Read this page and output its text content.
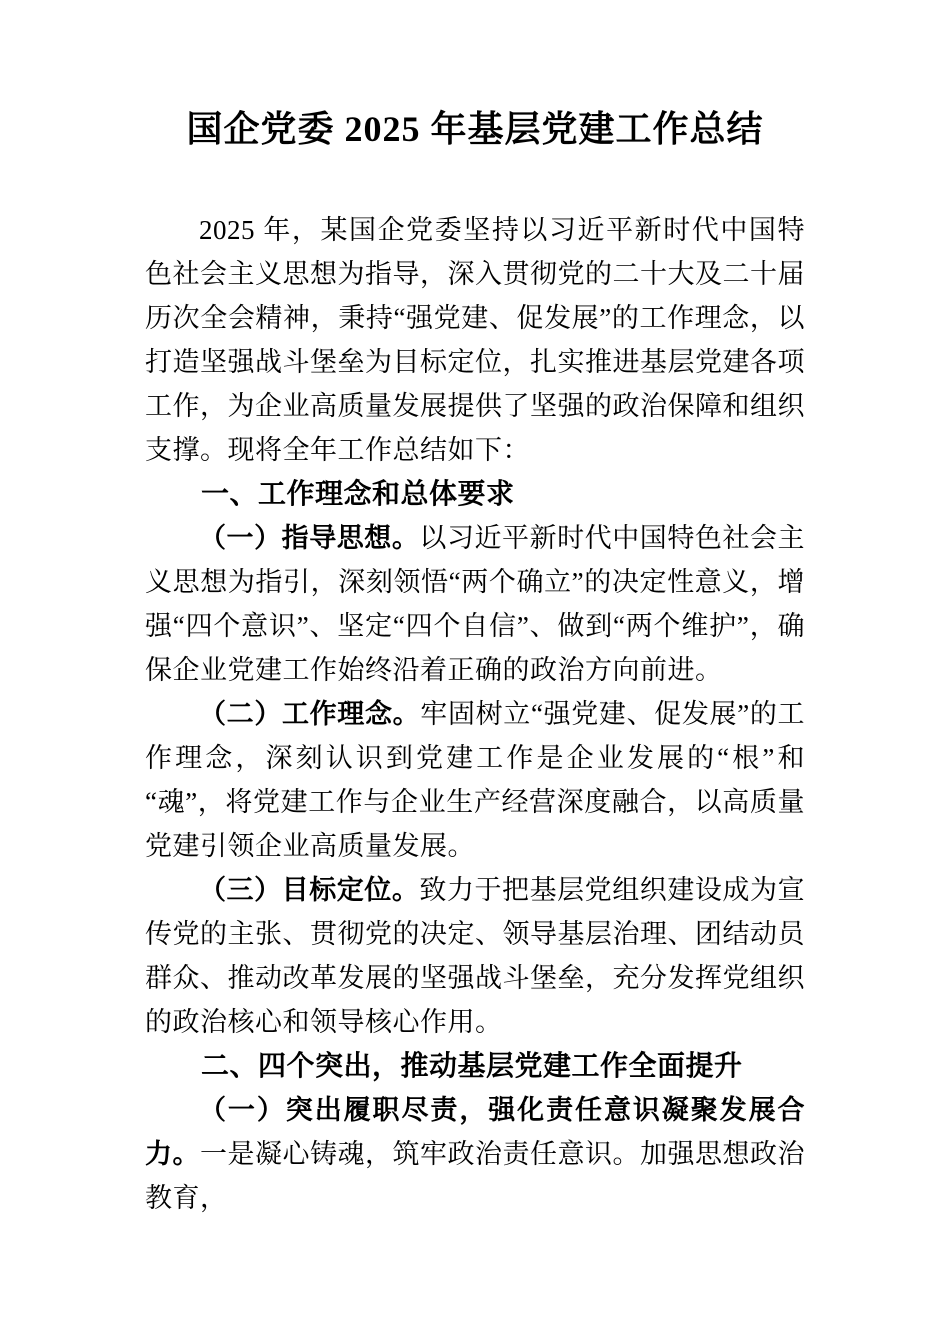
国企党委 2025 年基层党建工作总结

2025 年，某国企党委坚持以习近平新时代中国特色社会主义思想为指导，深入贯彻党的二十大及二十届历次全会精神，秉持“强党建、促发展”的工作理念，以打造坚强战斗堡垒为目标定位，扎实推进基层党建各项工作，为企业高质量发展提供了坚强的政治保障和组织支撑。现将全年工作总结如下：

一、工作理念和总体要求

（一）指导思想。以习近平新时代中国特色社会主义思想为指引，深刻领悟“两个确立”的决定性意义，增强“四个意识”、坚定“四个自信”、做到“两个维护”，确保企业党建工作始终沿着正确的政治方向前进。

（二）工作理念。牢固树立“强党建、促发展”的工作理念，深刻认识到党建工作是企业发展的“根”和“魂”，将党建工作与企业生产经营深度融合，以高质量党建引领企业高质量发展。

（三）目标定位。致力于把基层党组织建设成为宣传党的主张、贯彻党的决定、领导基层治理、团结动员群众、推动改革发展的坚强战斗堡垒，充分发挥党组织的政治核心和领导核心作用。

二、四个突出，推动基层党建工作全面提升

（一）突出履职尽责，强化责任意识凝聚发展合力。一是凝心铸魂，筑牢政治责任意识。加强思想政治教育，
